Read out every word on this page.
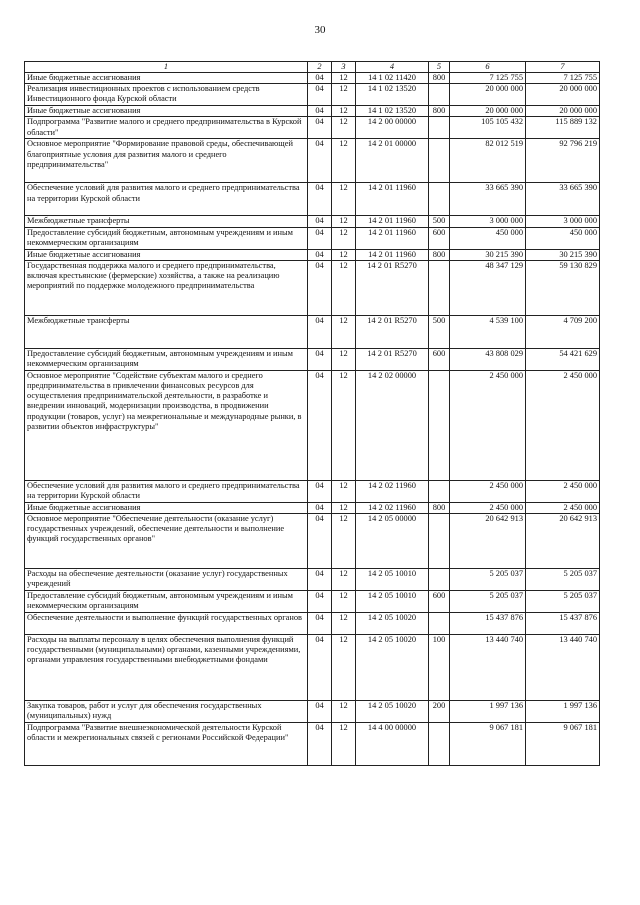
30
1	2	3	4	5	6	7
Иные бюджетные ассигнования	04	12	14 1 02 11420	800	7 125 755	7 125 755
Реализация инвестиционных проектов с использованием средств Инвестиционного фонда Курской области	04	12	14 1 02 13520		20 000 000	20 000 000
Иные бюджетные ассигнования	04	12	14 1 02 13520	800	20 000 000	20 000 000
Подпрограмма "Развитие малого и среднего предпринимательства в Курской области"	04	12	14 2 00 00000		105 105 432	115 889 132
Основное мероприятие "Формирование правовой среды, обеспечивающей благоприятные условия для развития малого и среднего предпринимательства"	04	12	14 2 01 00000		82 012 519	92 796 219
Обеспечение условий для развития малого и среднего предпринимательства на территории Курской области	04	12	14 2 01 11960		33 665 390	33 665 390
Межбюджетные трансферты	04	12	14 2 01 11960	500	3 000 000	3 000 000
Предоставление субсидий бюджетным, автономным учреждениям и иным некоммерческим организациям	04	12	14 2 01 11960	600	450 000	450 000
Иные бюджетные ассигнования	04	12	14 2 01 11960	800	30 215 390	30 215 390
Государственная поддержка малого и среднего предпринимательства, включая крестьянские (фермерские) хозяйства, а также на реализацию мероприятий по поддержке молодежного предпринимательства	04	12	14 2 01 R5270		48 347 129	59 130 829
Межбюджетные трансферты	04	12	14 2 01 R5270	500	4 539 100	4 709 200
Предоставление субсидий бюджетным, автономным учреждениям и иным некоммерческим организациям	04	12	14 2 01 R5270	600	43 808 029	54 421 629
Основное мероприятие "Содействие субъектам малого и среднего предпринимательства в привлечении финансовых ресурсов для осуществления предпринимательской деятельности, в разработке и внедрении инноваций, модернизации производства, в продвижении продукции (товаров, услуг) на межрегиональные и международные рынки, в развитии объектов инфраструктуры"	04	12	14 2 02 00000		2 450 000	2 450 000
Обеспечение условий для развития малого и среднего предпринимательства на территории Курской области	04	12	14 2 02 11960		2 450 000	2 450 000
Иные бюджетные ассигнования	04	12	14 2 02 11960	800	2 450 000	2 450 000
Основное мероприятие "Обеспечение деятельности (оказание услуг) государственных учреждений, обеспечение деятельности и выполнение функций государственных органов"	04	12	14 2 05 00000		20 642 913	20 642 913
Расходы на обеспечение деятельности (оказание услуг) государственных учреждений	04	12	14 2 05 10010		5 205 037	5 205 037
Предоставление субсидий бюджетным, автономным учреждениям и иным некоммерческим организациям	04	12	14 2 05 10010	600	5 205 037	5 205 037
Обеспечение деятельности и выполнение функций государственных органов	04	12	14 2 05 10020		15 437 876	15 437 876
Расходы на выплаты персоналу в целях обеспечения выполнения функций государственными (муниципальными) органами, казенными учреждениями, органами управления государственными внебюджетными фондами	04	12	14 2 05 10020	100	13 440 740	13 440 740
Закупка товаров, работ и услуг для обеспечения государственных (муниципальных) нужд	04	12	14 2 05 10020	200	1 997 136	1 997 136
Подпрограмма "Развитие внешнеэкономической деятельности Курской области и межрегиональных связей с регионами Российской Федерации"	04	12	14 4 00 00000		9 067 181	9 067 181
